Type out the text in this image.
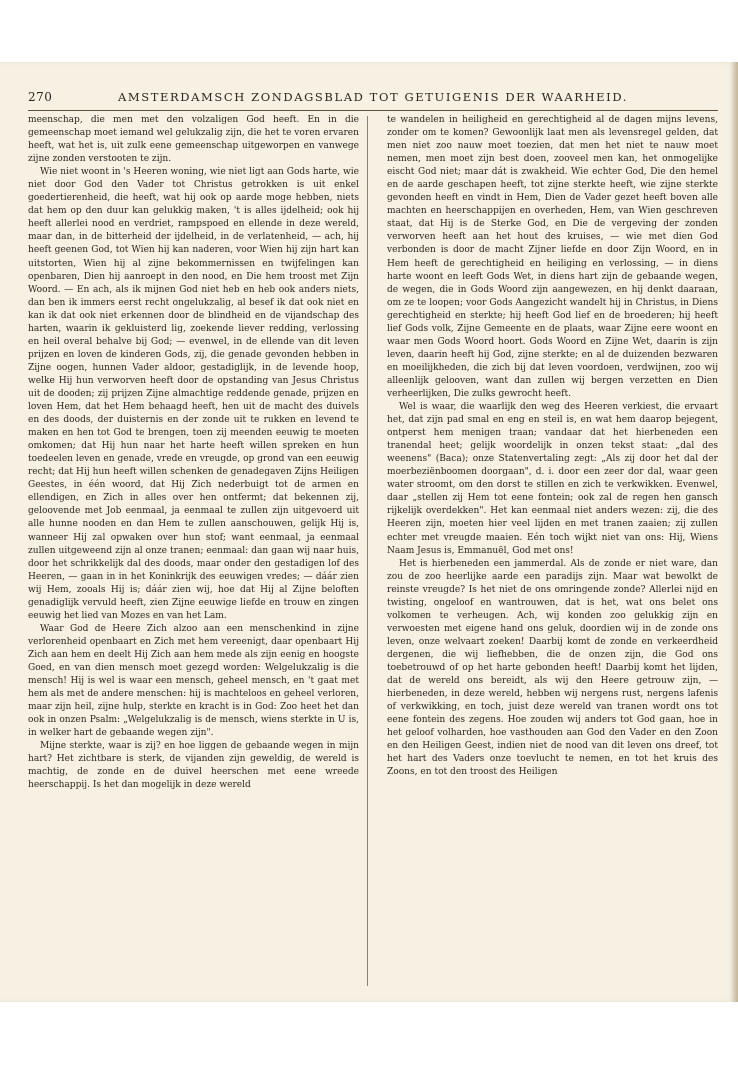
270	AMSTERDAMSCH ZONDAGSBLAD TOT GETUIGENIS DER WAARHEID.

meenschap, die men met den volzaligen God heeft. En in die gemeenschap moet iemand wel gelukzalig zijn, die het te voren ervaren heeft, wat het is, uit zulk eene gemeenschap uitgeworpen en vanwege zijne zonden verstooten te zijn.

Wie niet woont in 's Heeren woning, wie niet ligt aan Gods harte, wie niet door God den Vader tot Christus getrokken is uit enkel goedertierenheid, die heeft, wat hij ook op aarde moge hebben, niets dat hem op den duur kan gelukkig maken, 't is alles ijdelheid; ook hij heeft allerlei nood en verdriet, rampspoed en ellende in deze wereld, maar dan, in de bitterheid der ijdelheid, in de verlatenheid, — ach, hij heeft geenen God, tot Wien hij kan naderen, voor Wien hij zijn hart kan uitstorten, Wien hij al zijne bekommernissen en twijfelingen kan openbaren, Dien hij aanroept in den nood, en Die hem troost met Zijn Woord. — En ach, als ik mijnen God niet heb en heb ook anders niets, dan ben ik immers eerst recht ongelukzalig, al besef ik dat ook niet en kan ik dat ook niet erkennen door de blindheid en de vijandschap des harten, waarin ik gekluisterd lig, zoekende liever redding, verlossing en heil overal behalve bij God; — evenwel, in de ellende van dit leven prijzen en loven de kinderen Gods, zij, die genade gevonden hebben in Zijne oogen, hunnen Vader aldoor, gestadiglijk, in de levende hoop, welke Hij hun verworven heeft door de opstanding van Jesus Christus uit de dooden; zij prijzen Zijne almachtige reddende genade, prijzen en loven Hem, dat het Hem behaagd heeft, hen uit de macht des duivels en des doods, der duisternis en der zonde uit te rukken en levend te maken en hen tot God te brengen, toen zij meenden eeuwig te moeten omkomen; dat Hij hun naar het harte heeft willen spreken en hun toedeelen leven en genade, vrede en vreugde, op grond van een eeuwig recht; dat Hij hun heeft willen schenken de genadegaven Zijns Heiligen Geestes, in één woord, dat Hij Zich nederbuigt tot de armen en ellendigen, en Zich in alles over hen ontfermt; dat bekennen zij, geloovende met Job eenmaal, ja eenmaal te zullen zijn uitgevoerd uit alle hunne nooden en dan Hem te zullen aanschouwen, gelijk Hij is, wanneer Hij zal opwaken over hun stof; want eenmaal, ja eenmaal zullen uitgeweend zijn al onze tranen; eenmaal: dan gaan wij naar huis, door het schrikkelijk dal des doods, maar onder den gestadigen lof des Heeren, — gaan in in het Koninkrijk des eeuwigen vredes; — dáár zien wij Hem, zooals Hij is; dáár zien wij, hoe dat Hij al Zijne beloften genadiglijk vervuld heeft, zien Zijne eeuwige liefde en trouw en zingen eeuwig het lied van Mozes en van het Lam.

Waar God de Heere Zich alzoo aan een menschenkind in zijne verlorenheid openbaart en Zich met hem vereenigt, daar openbaart Hij Zich aan hem en deelt Hij Zich aan hem mede als zijn eenig en hoogste Goed, en van dien mensch moet gezegd worden: Welgelukzalig is die mensch! Hij is wel is waar een mensch, geheel mensch, en 't gaat met hem als met de andere menschen: hij is machteloos en geheel verloren, maar zijn heil, zijne hulp, sterkte en kracht is in God: Zoo heet het dan ook in onzen Psalm: „Welgelukzalig is de mensch, wiens sterkte in U is, in welker hart de gebaande wegen zijn".

Mijne sterkte, waar is zij? en hoe liggen de gebaande wegen in mijn hart? Het zichtbare is sterk, de vijanden zijn geweldig, de wereld is machtig, de zonde en de duivel heerschen met eene wreede heerschappij. Is het dan mogelijk in deze wereld

te wandelen in heiligheid en gerechtigheid al de dagen mijns levens, zonder om te komen? Gewoonlijk laat men als levensregel gelden, dat men niet zoo nauw moet toezien, dat men het niet te nauw moet nemen, men moet zijn best doen, zooveel men kan, het onmogelijke eischt God niet; maar dát is zwakheid. Wie echter God, Die den hemel en de aarde geschapen heeft, tot zijne sterkte heeft, wie zijne sterkte gevonden heeft en vindt in Hem, Dien de Vader gezet heeft boven alle machten en heerschappijen en overheden, Hem, van Wien geschreven staat, dat Hij is de Sterke God, en Die de vergeving der zonden verworven heeft aan het hout des kruises, — wie met dien God verbonden is door de macht Zijner liefde en door Zijn Woord, en in Hem heeft de gerechtigheid en heiliging en verlossing, — in diens harte woont en leeft Gods Wet, in diens hart zijn de gebaande wegen, de wegen, die in Gods Woord zijn aangewezen, en hij denkt daaraan, om ze te loopen; voor Gods Aangezicht wandelt hij in Christus, in Diens gerechtigheid en sterkte; hij heeft God lief en de broederen; hij heeft lief Gods volk, Zijne Gemeente en de plaats, waar Zijne eere woont en waar men Gods Woord hoort. Gods Woord en Zijne Wet, daarin is zijn leven, daarin heeft hij God, zijne sterkte; en al de duizenden bezwaren en moeilijkheden, die zich bij dat leven voordoen, verdwijnen, zoo wij alleenlijk gelooven, want dan zullen wij bergen verzetten en Dien verheerlijken, Die zulks gewrocht heeft.

Wel is waar, die waarlijk den weg des Heeren verkiest, die ervaart het, dat zijn pad smal en eng en steil is, en wat hem daarop bejegent, ontperst hem menigen traan; vandaar dat het hierbeneden een tranendal heet; gelijk woordelijk in onzen tekst staat: „dal des weenens" (Baca); onze Statenvertaling zegt: „Als zij door het dal der moerbeziënboomen doorgaan", d. i. door een zeer dor dal, waar geen water stroomt, om den dorst te stillen en zich te verkwikken. Evenwel, daar „stellen zij Hem tot eene fontein; ook zal de regen hen gansch rijkelijk overdekken". Het kan eenmaal niet anders wezen: zij, die des Heeren zijn, moeten hier veel lijden en met tranen zaaien; zij zullen echter met vreugde maaien. Eén toch wijkt niet van ons: Hij, Wiens Naam Jesus is, Emmanuël, God met ons!

Het is hierbeneden een jammerdal. Als de zonde er niet ware, dan zou de zoo heerlijke aarde een paradijs zijn. Maar wat bewolkt de reinste vreugde? Is het niet de ons omringende zonde? Allerlei nijd en twisting, ongeloof en wantrouwen, dat is het, wat ons belet ons volkomen te verheugen. Ach, wij konden zoo gelukkig zijn en verwoesten met eigene hand ons geluk, doordien wij in de zonde ons leven, onze welvaart zoeken! Daarbij komt de zonde en verkeerdheid dergenen, die wij liefhebben, die de onzen zijn, die God ons toebetrouwd of op het harte gebonden heeft! Daarbij komt het lijden, dat de wereld ons bereidt, als wij den Heere getrouw zijn, — hierbeneden, in deze wereld, hebben wij nergens rust, nergens lafenis of verkwikking, en toch, juist deze wereld van tranen wordt ons tot eene fontein des zegens. Hoe zouden wij anders tot God gaan, hoe in het geloof volharden, hoe vasthouden aan God den Vader en den Zoon en den Heiligen Geest, indien niet de nood van dit leven ons dreef, tot het hart des Vaders onze toevlucht te nemen, en tot het kruis des Zoons, en tot den troost des Heiligen
